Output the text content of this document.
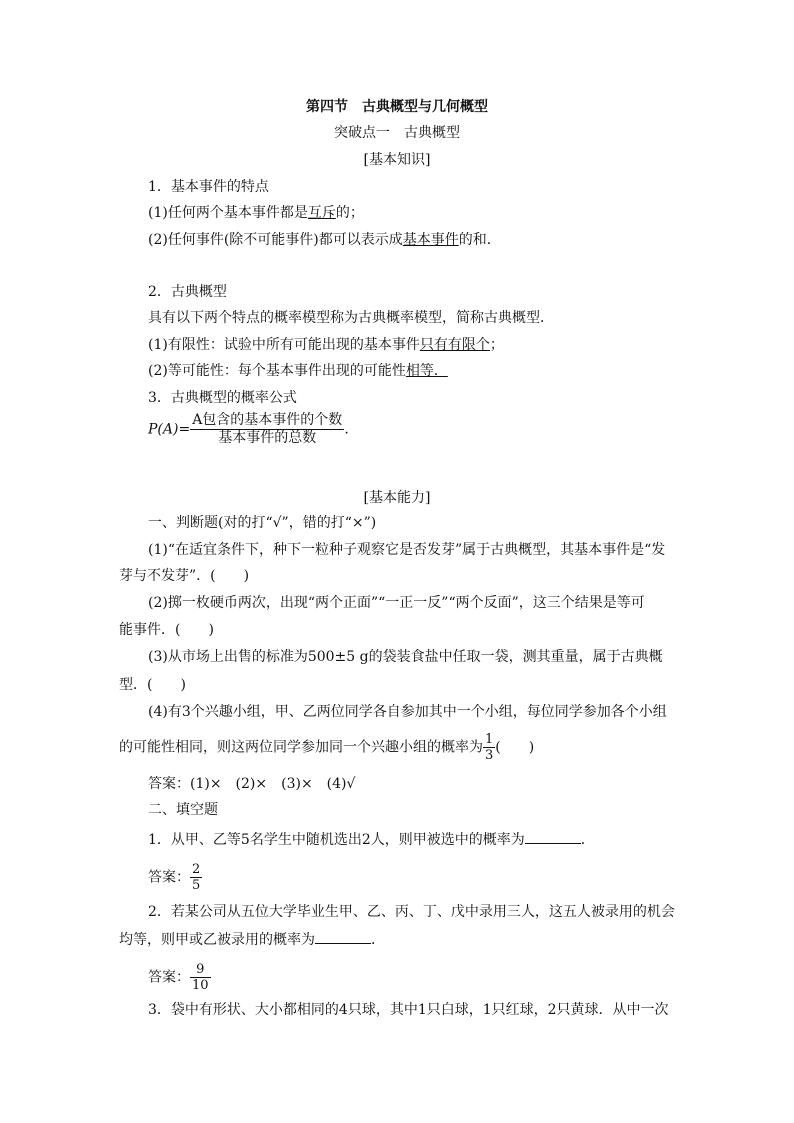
第四节　古典概型与几何概型
突破点一　古典概型
[基本知识]
1．基本事件的特点
(1)任何两个基本事件都是互斥的；
(2)任何事件(除不可能事件)都可以表示成基本事件的和．
2．古典概型
具有以下两个特点的概率模型称为古典概率模型，简称古典概型．
(1)有限性：试验中所有可能出现的基本事件只有有限个；
(2)等可能性：每个基本事件出现的可能性相等．
3．古典概型的概率公式
$P(A)= \frac{\text{A包含的基本事件的个数}}{\text{基本事件的总数}}$ .
[基本能力]
一、判断题(对的打“√”，错的打“×”)
(1)“在适宜条件下，种下一粒种子观察它是否发芽”属于古典概型，其基本事件是“发
芽与不发芽”．(　　)
(2)掷一枚硬币两次，出现“两个正面”“一正一反”“两个反面”，这三个结果是等可
能事件．(　　)
(3)从市场上出售的标准为500±5 g的袋装食盐中任取一袋，测其重量，属于古典概
型．(　　)
(4)有3个兴趣小组，甲、乙两位同学各自参加其中一个小组，每位同学参加各个小组
的可能性相同，则这两位同学参加同一个兴趣小组的概率为 $\frac{1}{3}$ (　　)
答案：(1)×　(2)×　(3)×　(4)√
二、填空题
1．从甲、乙等5名学生中随机选出2人，则甲被选中的概率为	．
答案： $\frac{2}{5}$
2．若某公司从五位大学毕业生甲、乙、丙、丁、戊中录用三人，这五人被录用的机会
均等，则甲或乙被录用的概率为	．
答案： $\frac{9}{10}$
3．袋中有形状、大小都相同的4只球，其中1只白球，1只红球，2只黄球．从中一次
